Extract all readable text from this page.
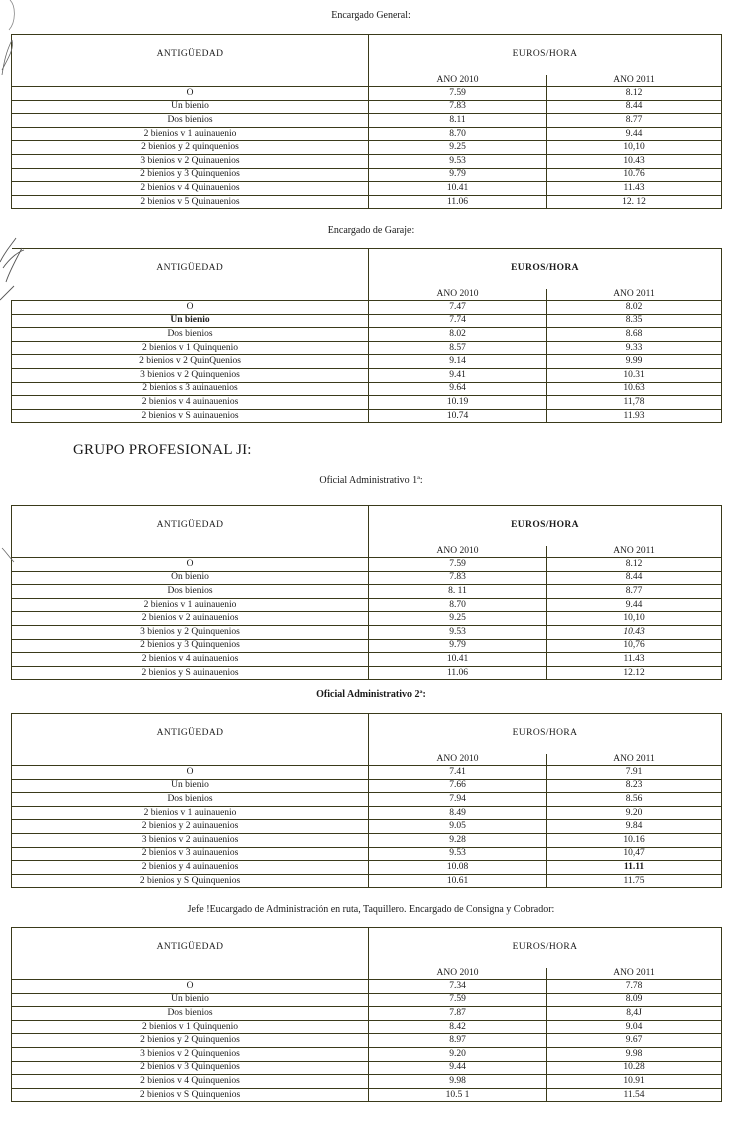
Encargado General:
ANTIGÜEDAD	EUROS/HORA	
	AÑO 2010	AÑO 2011
O	7.59	8.12
Un bienio	7.83	8.44
Dos bienios	8.11	8.77
2 bienios v 1 auinauenio	8.70	9.44
2 bienios y 2 quinquenios	9.25	10,10
3 bienios v 2 Quinauenios	9.53	10.43
2 bienios y 3 Quinquenios	9.79	10.76
2 bienios v 4 Quinauenios	10.41	11.43
2 bienios v 5 Quinauenios	11.06	12. 12
Encargado de Garaje:
ANTIGÜEDAD	EUROS/HORA	
	AÑO 2010	AÑO 2011
O	7.47	8.02
Un bienio	7.74	8.35
Dos bienios	8.02	8.68
2 bienios v 1 Quinquenio	8.57	9.33
2 bienios v 2 QuinQuenios	9.14	9.99
3 bienios v 2 Quinquenios	9.41	10.31
2 bienios s 3 auinauenios	9.64	10.63
2 bienios v 4 auinauenios	10.19	11,78
2 bienios v S auinauenios	10.74	11.93
GRUPO PROFESIONAL JI:
Oficial Administrativo 1ª:
ANTIGÜEDAD	EUROS/HORA	
	AÑO 2010	AÑO 2011
O	7.59	8.12
On bienio	7.83	8.44
Dos bienios	8. 11	8.77
2 bienios v 1 auinauenio	8.70	9.44
2 bienios v 2 auinauenios	9.25	10,10
3 bienios y 2 Quinquenios	9.53	10.43
2 bienios y 3 Quinquenios	9.79	10,76
2 bienios v 4 auinauenios	10.41	11.43
2 bienios y S auinauenios	11.06	12.12
Oficial Administrativo 2ª:
ANTIGÜEDAD	EUROS/HORA	
	AÑO 2010	AÑO 2011
O	7.41	7.91
Un bienio	7.66	8.23
Dos bienios	7.94	8.56
2 bienios v 1 auinauenio	8.49	9.20
2 bienios y 2 auinauenios	9.05	9.84
3 bienios v 2 auinauenios	9.28	10.16
2 bienios v 3 auinauenios	9.53	10,47
2 bienios y 4 auinauenios	10.08	11.11
2 bienios y S Quinquenios	10.61	11.75
Jefe !Eucargado de Administración en ruta, Taquillero. Encargado de Consigna y Cobrador:
ANTIGÜEDAD	EUROS/HORA	
	AÑO 2010	AÑO 2011
O	7.34	7.78
Un bienio	7.59	8.09
Dos bienios	7.87	8,4J
2 bienios v 1 Quinquenio	8.42	9.04
2 bienios y 2 Quinquenios	8.97	9.67
3 bienios v 2 Quinquenios	9.20	9.98
2 bienios v 3 Quinquenios	9.44	10.28
2 bienios v 4 Quinquenios	9.98	10.91
2 bienios v S Quinquenios	10.5 1	11.54
